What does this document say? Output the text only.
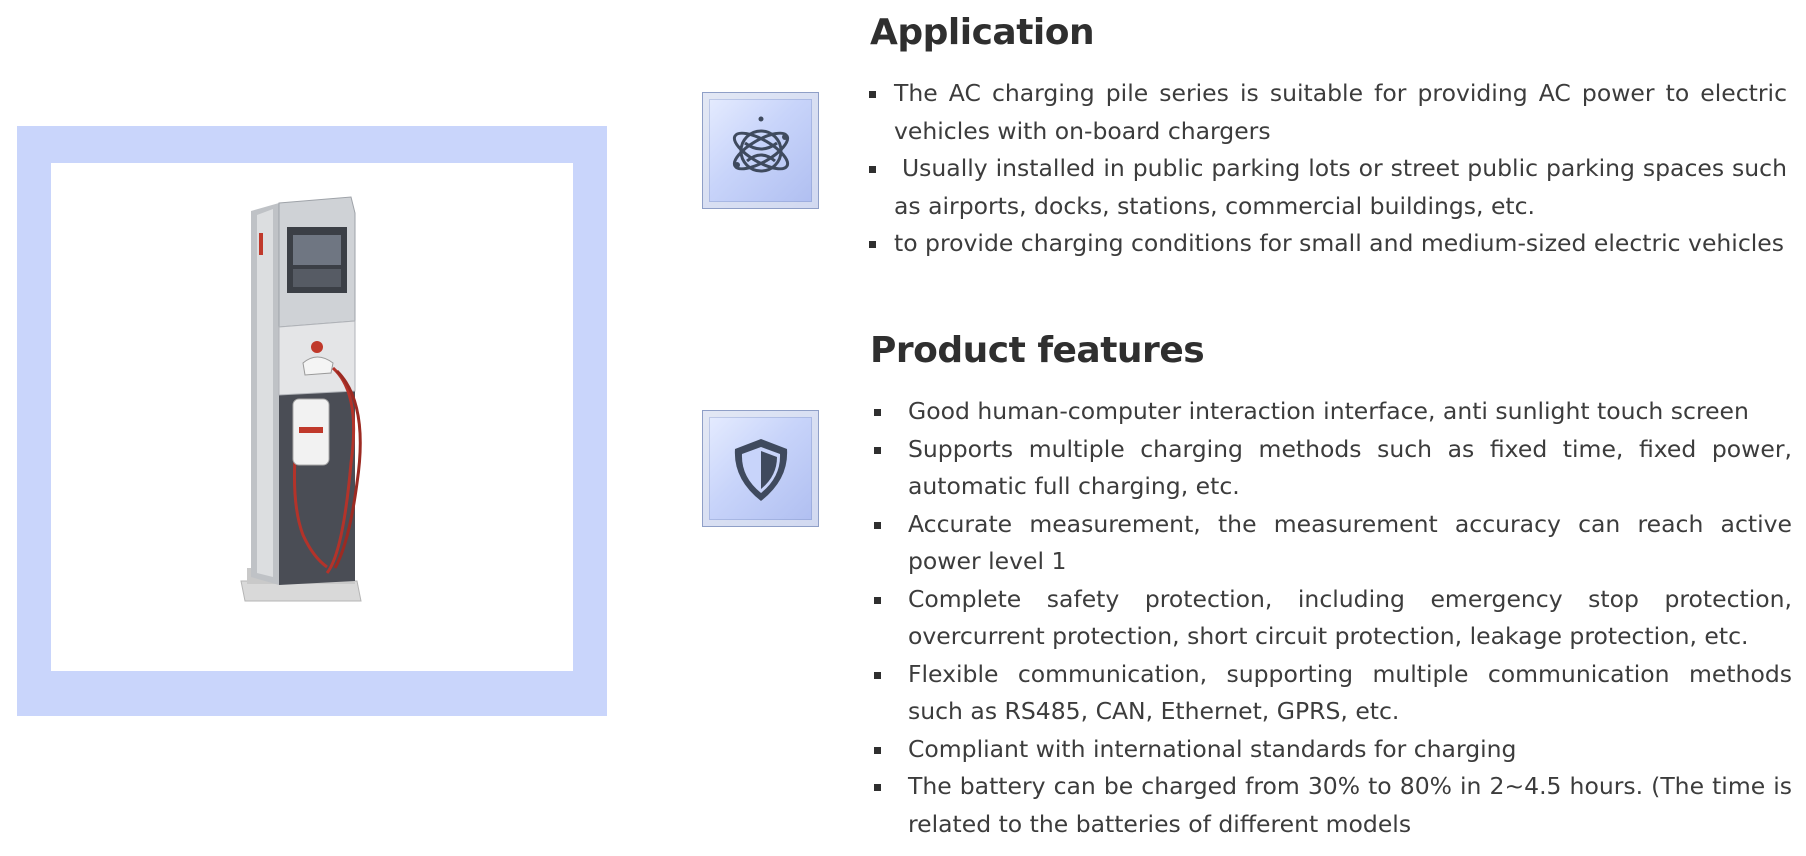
Application
The AC charging pile series is suitable for providing AC power to electric vehicles with on-board chargers
Usually installed in public parking lots or street public parking spaces such as airports, docks, stations, commercial buildings, etc.
to provide charging conditions for small and medium-sized electric vehicles
Product features
Good human-computer interaction interface, anti sunlight touch screen
Supports multiple charging methods such as fixed time, fixed power, automatic full charging, etc.
Accurate measurement, the measurement accuracy can reach active power level 1
Complete safety protection, including emergency stop protection, overcurrent protection, short circuit protection, leakage protection, etc.
Flexible communication, supporting multiple communication methods such as RS485, CAN, Ethernet, GPRS, etc.
Compliant with international standards for charging
The battery can be charged from 30% to 80% in 2~4.5 hours. (The time is related to the batteries of different models
